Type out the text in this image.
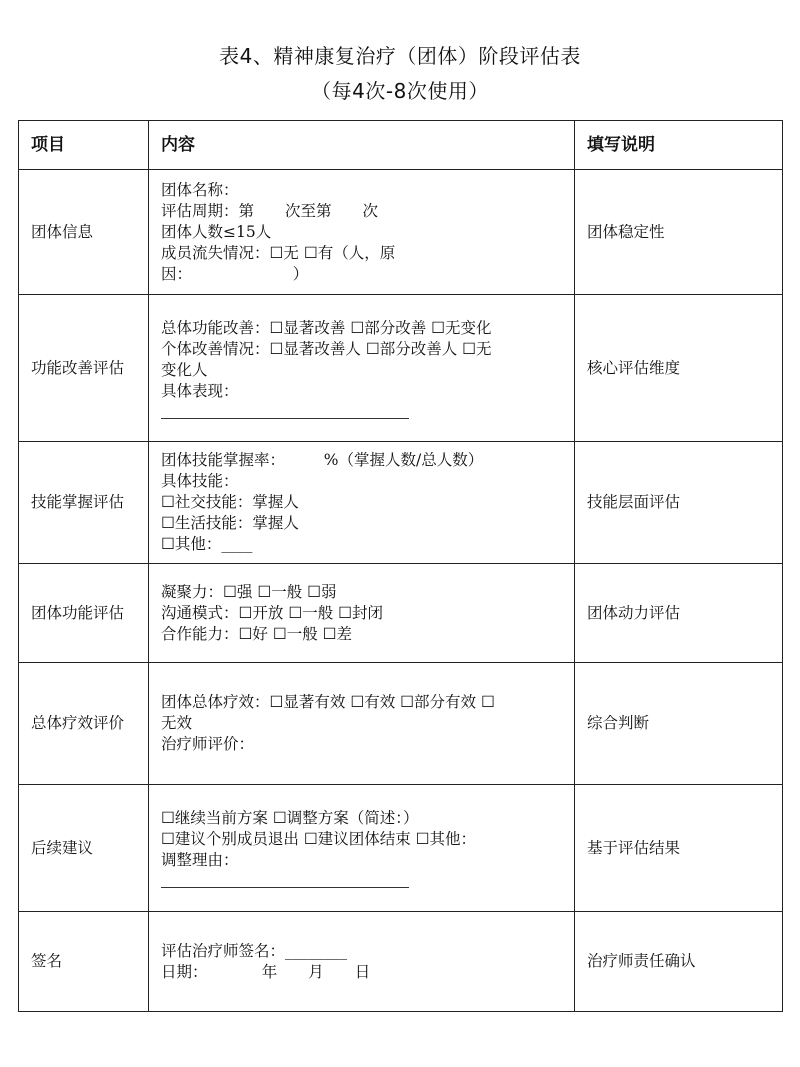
表4、精神康复治疗（团体）阶段评估表
（每4次-8次使用）
项目	内容	填写说明
团体信息	团体名称：
评估周期：第　　次至第　　次
团体人数≤15人
成员流失情况：☐无 ☐有（人，原
因：　　　　　　　）	团体稳定性
功能改善评估	总体功能改善：☐显著改善 ☐部分改善 ☐无变化
个体改善情况：☐显著改善人 ☐部分改善人 ☐无
变化人
具体表现：	核心评估维度
技能掌握评估	团体技能掌握率：　　　%（掌握人数/总人数）
具体技能：
☐社交技能：掌握人
☐生活技能：掌握人
☐其他：____	技能层面评估
团体功能评估	凝聚力：☐强 ☐一般 ☐弱
沟通模式：☐开放 ☐一般 ☐封闭
合作能力：☐好 ☐一般 ☐差	团体动力评估
总体疗效评价	团体总体疗效：☐显著有效 ☐有效 ☐部分有效 ☐
无效
治疗师评价：	综合判断
后续建议	☐继续当前方案 ☐调整方案（简述：）
☐建议个别成员退出 ☐建议团体结束 ☐其他：
调整理由：	基于评估结果
签名	评估治疗师签名：________
日期：　　　　年　　月　　日	治疗师责任确认
